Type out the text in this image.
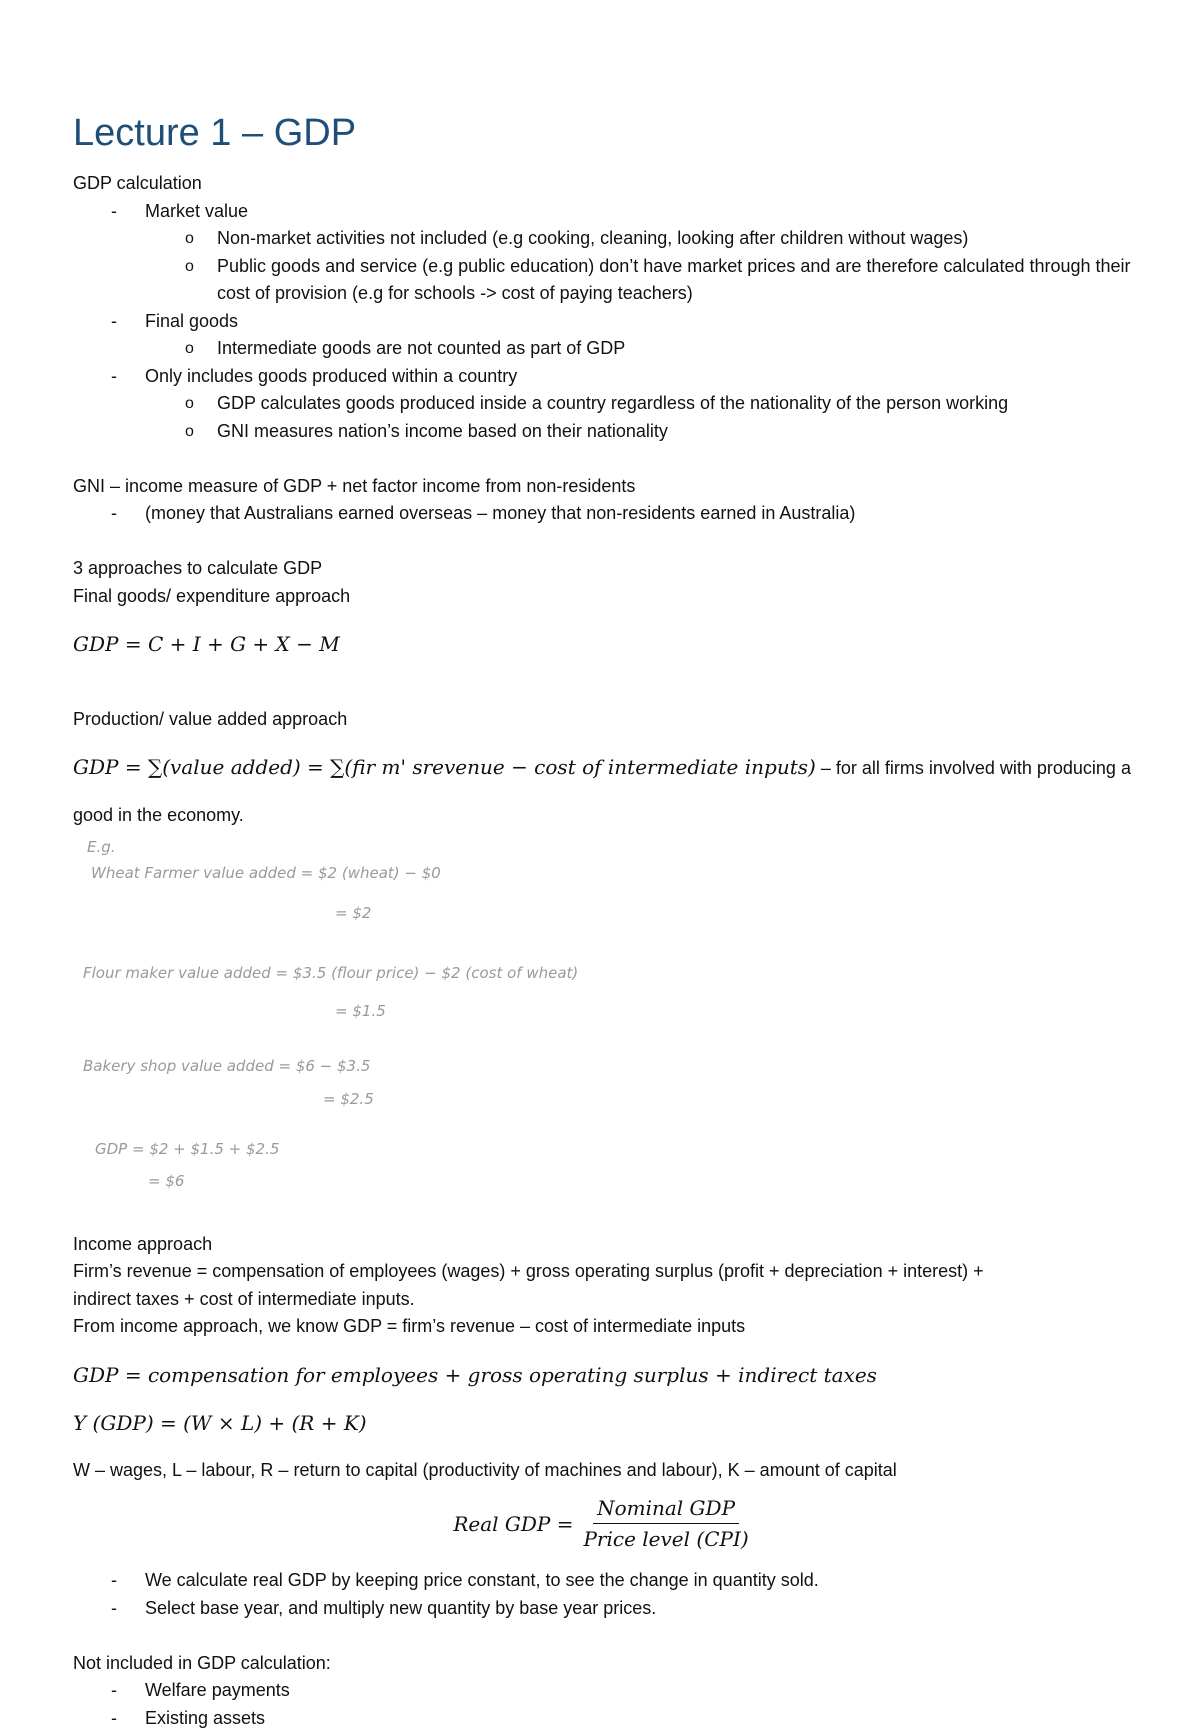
Lecture 1 – GDP

GDP calculation

-	Market value
o	Non-market activities not included (e.g cooking, cleaning, looking after children without wages)
o	Public goods and service (e.g public education) don’t have market prices and are therefore calculated through their cost of provision (e.g for schools -> cost of paying teachers)
-	Final goods
o	Intermediate goods are not counted as part of GDP
-	Only includes goods produced within a country
o	GDP calculates goods produced inside a country regardless of the nationality of the person working
o	GNI measures nation’s income based on their nationality

GNI – income measure of GDP + net factor income from non-residents

-	(money that Australians earned overseas – money that non-residents earned in Australia)

3 approaches to calculate GDP

Final goods/ expenditure approach

GDP = C + I + G + X − M

Production/ value added approach

GDP = ∑(value added) = ∑(fir m' srevenue − cost of intermediate inputs) – for all firms involved with producing a

good in the economy.

E.g.
Wheat Farmer value added = $2 (wheat) − $0
= $2
Flour maker value added = $3.5 (flour price) − $2 (cost of wheat)
= $1.5
Bakery shop value added = $6 − $3.5
= $2.5
GDP = $2 + $1.5 + $2.5
= $6

Income approach

Firm’s revenue = compensation of employees (wages) + gross operating surplus (profit + depreciation + interest) +

indirect taxes + cost of intermediate inputs.

From income approach, we know GDP = firm’s revenue – cost of intermediate inputs

GDP = compensation for employees + gross operating surplus + indirect taxes

Y (GDP) = (W × L) + (R + K)

W – wages, L – labour, R – return to capital (productivity of machines and labour), K – amount of capital

Real GDP = $\frac{\text{Nominal GDP}}{\text{Price level (CPI)}}$
-	We calculate real GDP by keeping price constant, to see the change in quantity sold.
-	Select base year, and multiply new quantity by base year prices.

Not included in GDP calculation:

-	Welfare payments
-	Existing assets
